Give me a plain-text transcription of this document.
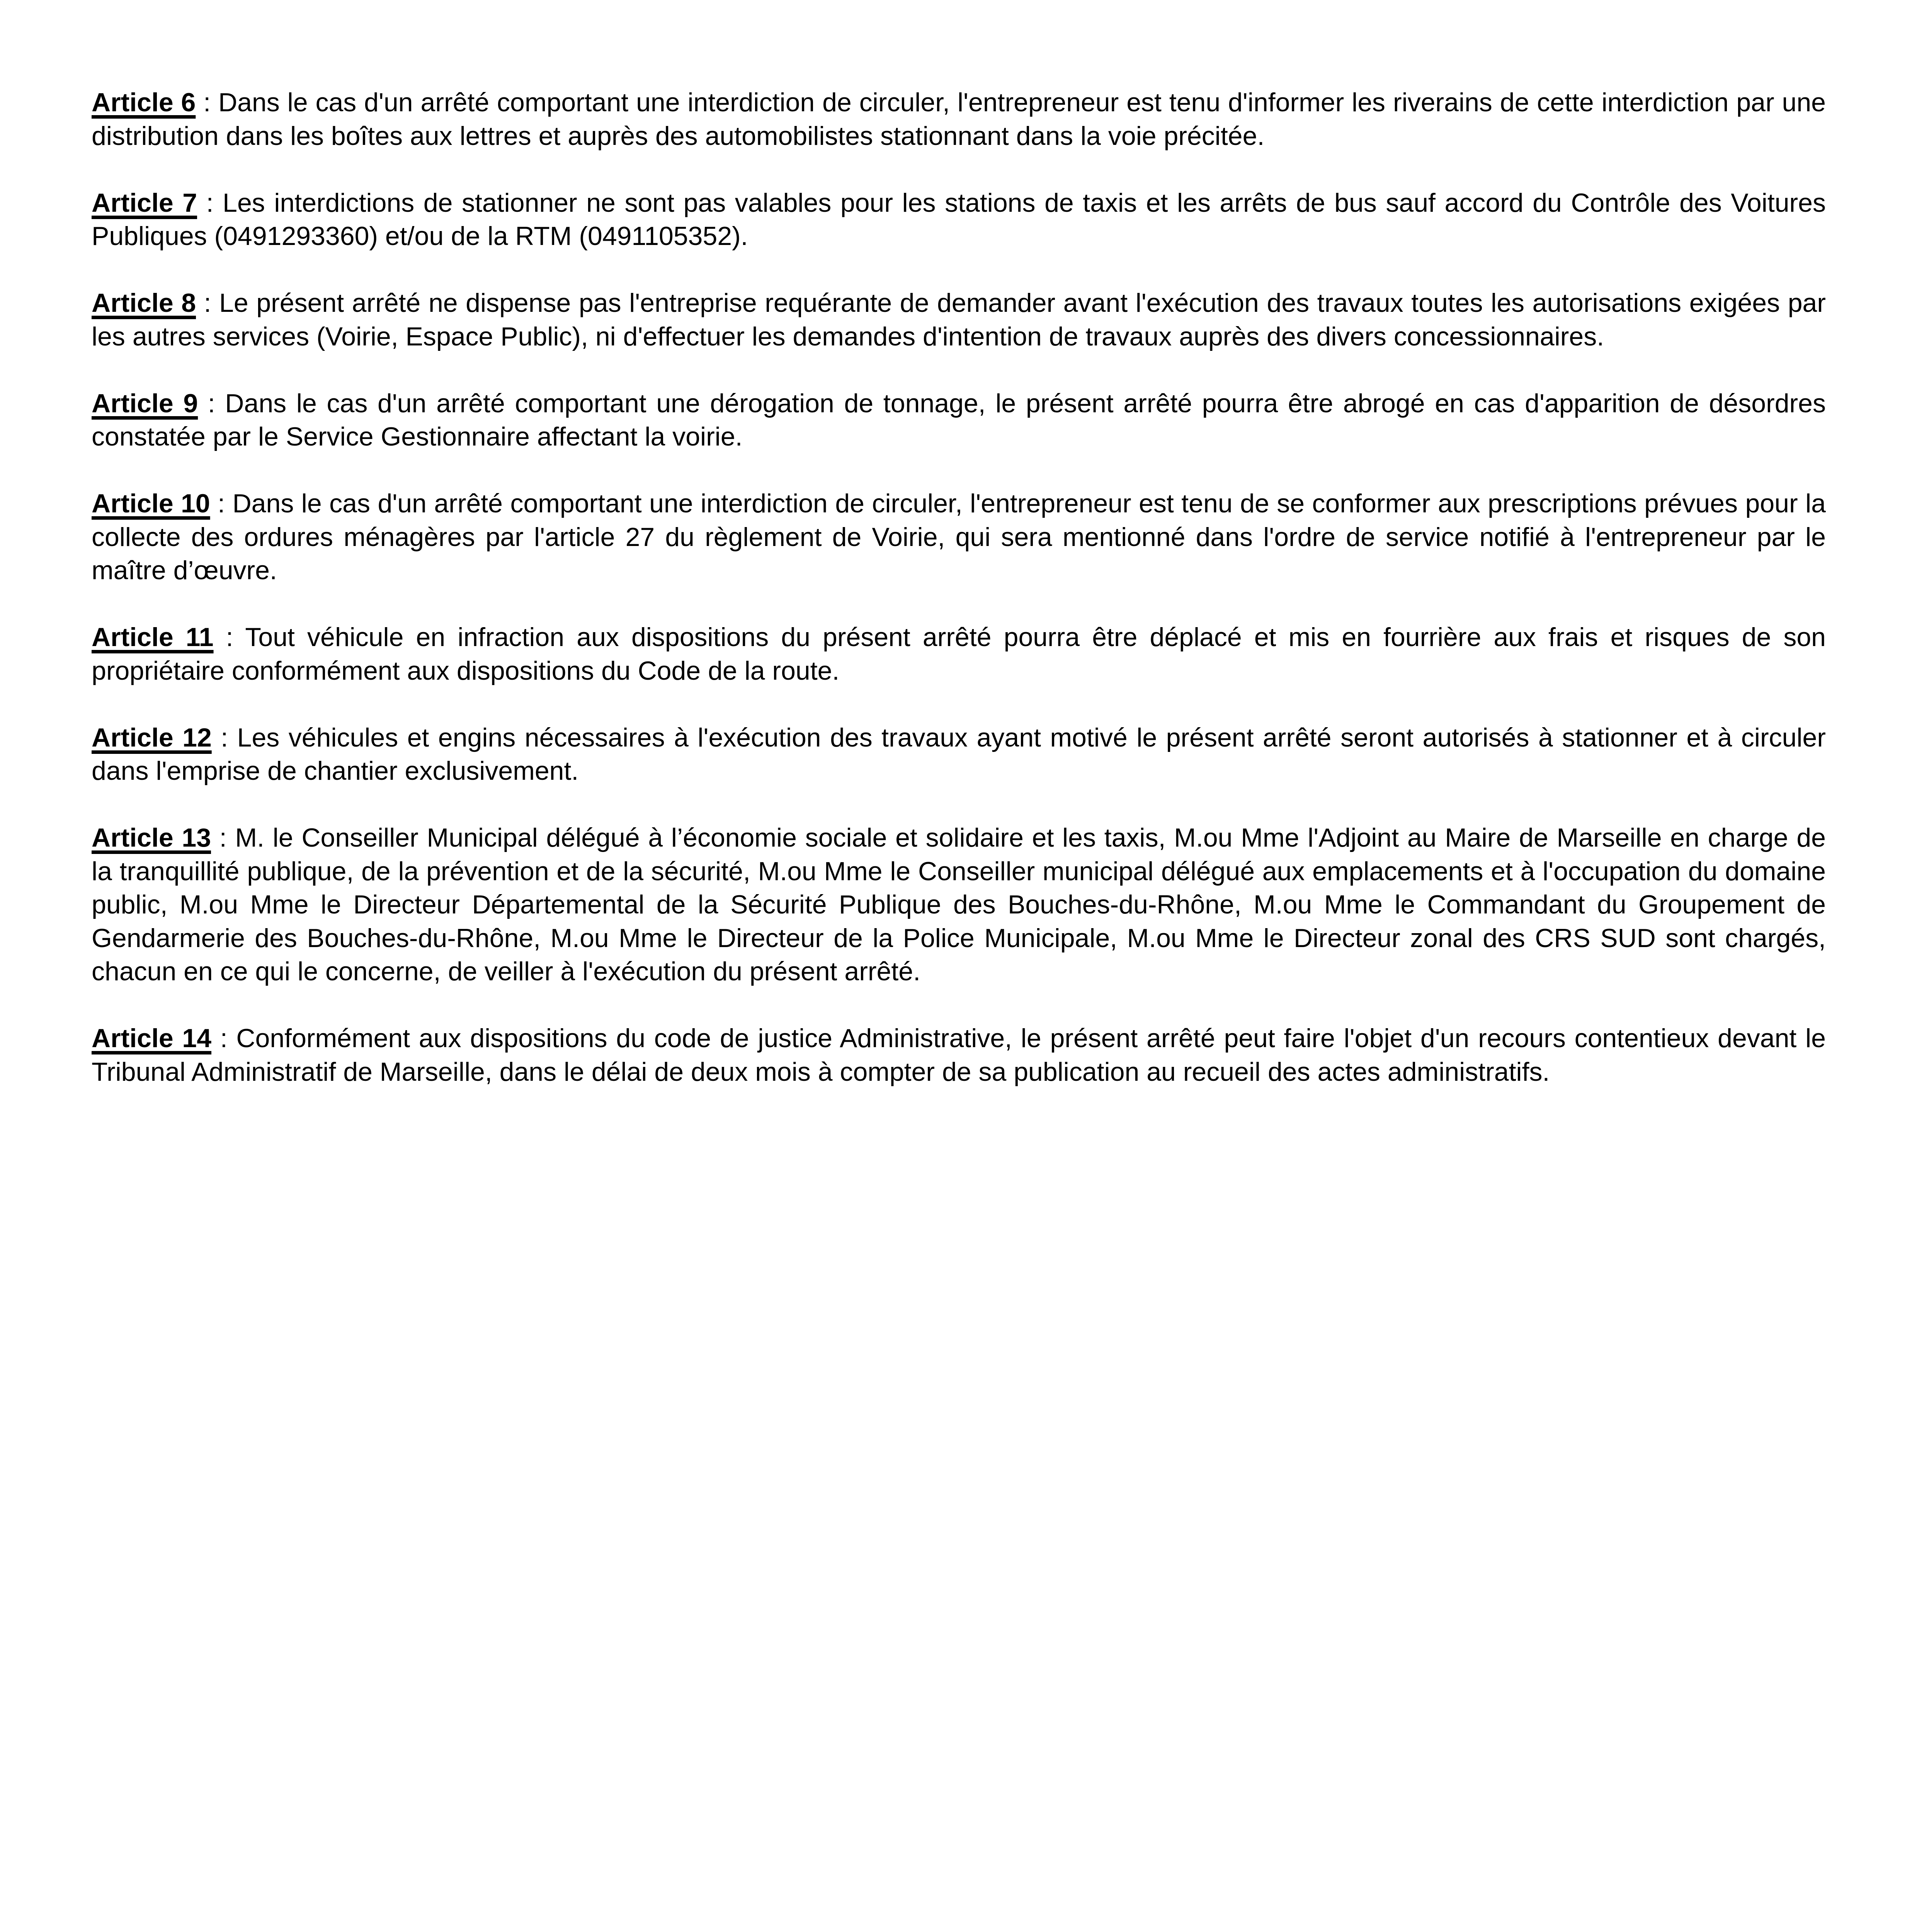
Article 6 : Dans le cas d'un arrêté comportant une interdiction de circuler, l'entrepreneur est tenu d'informer les riverains de cette interdiction par une distribution dans les boîtes aux lettres et auprès des automobilistes stationnant dans la voie précitée.

Article 7 : Les interdictions de stationner ne sont pas valables pour les stations de taxis et les arrêts de bus sauf accord du Contrôle des Voitures Publiques (0491293360) et/ou de la RTM (0491105352).

Article 8 : Le présent arrêté ne dispense pas l'entreprise requérante de demander avant l'exécution des travaux toutes les autorisations exigées par les autres services (Voirie, Espace Public), ni d'effectuer les demandes d'intention de travaux auprès des divers concessionnaires.

Article 9 : Dans le cas d'un arrêté comportant une dérogation de tonnage, le présent arrêté pourra être abrogé en cas d'apparition de désordres constatée par le Service Gestionnaire affectant la voirie.

Article 10 : Dans le cas d'un arrêté comportant une interdiction de circuler, l'entrepreneur est tenu de se conformer aux prescriptions prévues pour la collecte des ordures ménagères par l'article 27 du règlement de Voirie, qui sera mentionné dans l'ordre de service notifié à l'entrepreneur par le maître d’œuvre.

Article 11 : Tout véhicule en infraction aux dispositions du présent arrêté pourra être déplacé et mis en fourrière aux frais et risques de son propriétaire conformément aux dispositions du Code de la route.

Article 12 : Les véhicules et engins nécessaires à l'exécution des travaux ayant motivé le présent arrêté seront autorisés à stationner et à circuler dans l'emprise de chantier exclusivement.

Article 13 : M. le Conseiller Municipal délégué à l’économie sociale et solidaire et les taxis, M.ou Mme l'Adjoint au Maire de Marseille en charge de la tranquillité publique, de la prévention et de la sécurité, M.ou Mme le Conseiller municipal délégué aux emplacements et à l'occupation du domaine public, M.ou Mme le Directeur Départemental de la Sécurité Publique des Bouches-du-Rhône, M.ou Mme le Commandant du Groupement de Gendarmerie des Bouches-du-Rhône, M.ou Mme le Directeur de la Police Municipale, M.ou Mme le Directeur zonal des CRS SUD sont chargés, chacun en ce qui le concerne, de veiller à l'exécution du présent arrêté.

Article 14 : Conformément aux dispositions du code de justice Administrative, le présent arrêté peut faire l'objet d'un recours contentieux devant le Tribunal Administratif de Marseille, dans le délai de deux mois à compter de sa publication au recueil des actes administratifs.
